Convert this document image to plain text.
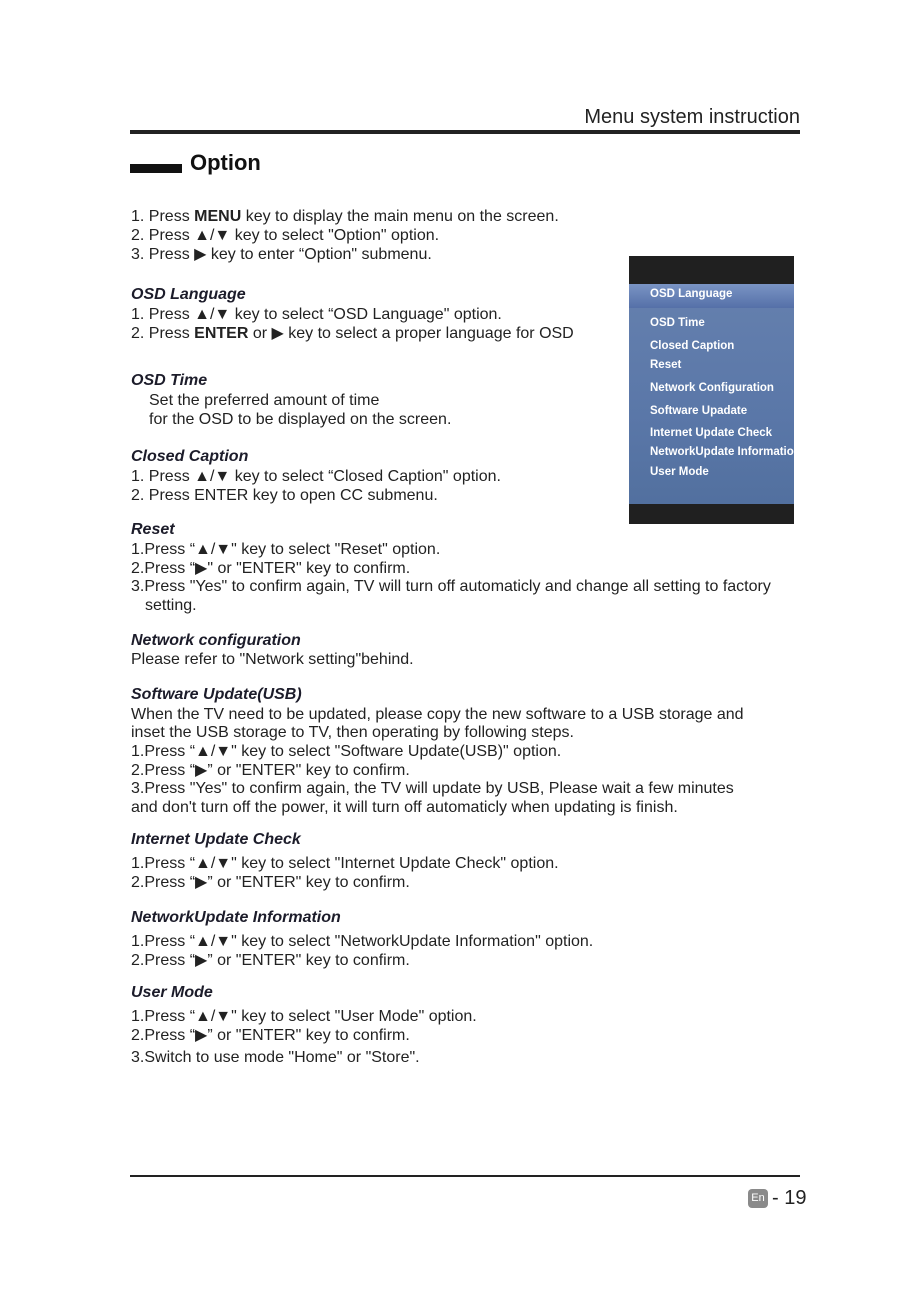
Menu system instruction
Option
1. Press MENU key to display the main menu on the screen.
2. Press ▲/▼ key to select "Option" option.
3. Press ▶ key to enter “Option" submenu.
OSD Language
1. Press ▲/▼ key to select “OSD Language" option.
2. Press ENTER or ▶ key to select a proper language for OSD
OSD Time
Set the preferred amount of time
for the OSD to be displayed on the screen.
Closed Caption
1. Press ▲/▼ key to select “Closed Caption" option.
2. Press ENTER key to open CC submenu.
Reset
1.Press “▲/▼" key to select "Reset" option.
2.Press “▶" or "ENTER" key to confirm.
3.Press "Yes" to confirm again, TV will turn off automaticly and change all setting to factory
setting.
Network configuration
Please refer to "Network setting"behind.
Software Update(USB)
When the TV need to be updated, please copy the new software to a USB storage and
inset the USB storage to TV, then operating by following steps.
1.Press “▲/▼" key to select "Software Update(USB)" option.
2.Press “▶” or "ENTER" key to confirm.
3.Press "Yes" to confirm again, the TV will update by USB, Please wait a few minutes
and don't turn off the power, it will turn off automaticly when updating is finish.
Internet Update Check
1.Press “▲/▼" key to select "Internet Update Check" option.
2.Press “▶” or "ENTER" key to confirm.
NetworkUpdate Information
1.Press “▲/▼" key to select "NetworkUpdate Information" option.
2.Press “▶” or "ENTER" key to confirm.
User Mode
1.Press “▲/▼" key to select "User Mode" option.
2.Press “▶” or "ENTER" key to confirm.
3.Switch to use mode "Home" or "Store".
OSD Language
OSD Time
Closed Caption
Reset
Network Configuration
Software Upadate
Internet Update Check
NetworkUpdate Information
User Mode
En - 19
